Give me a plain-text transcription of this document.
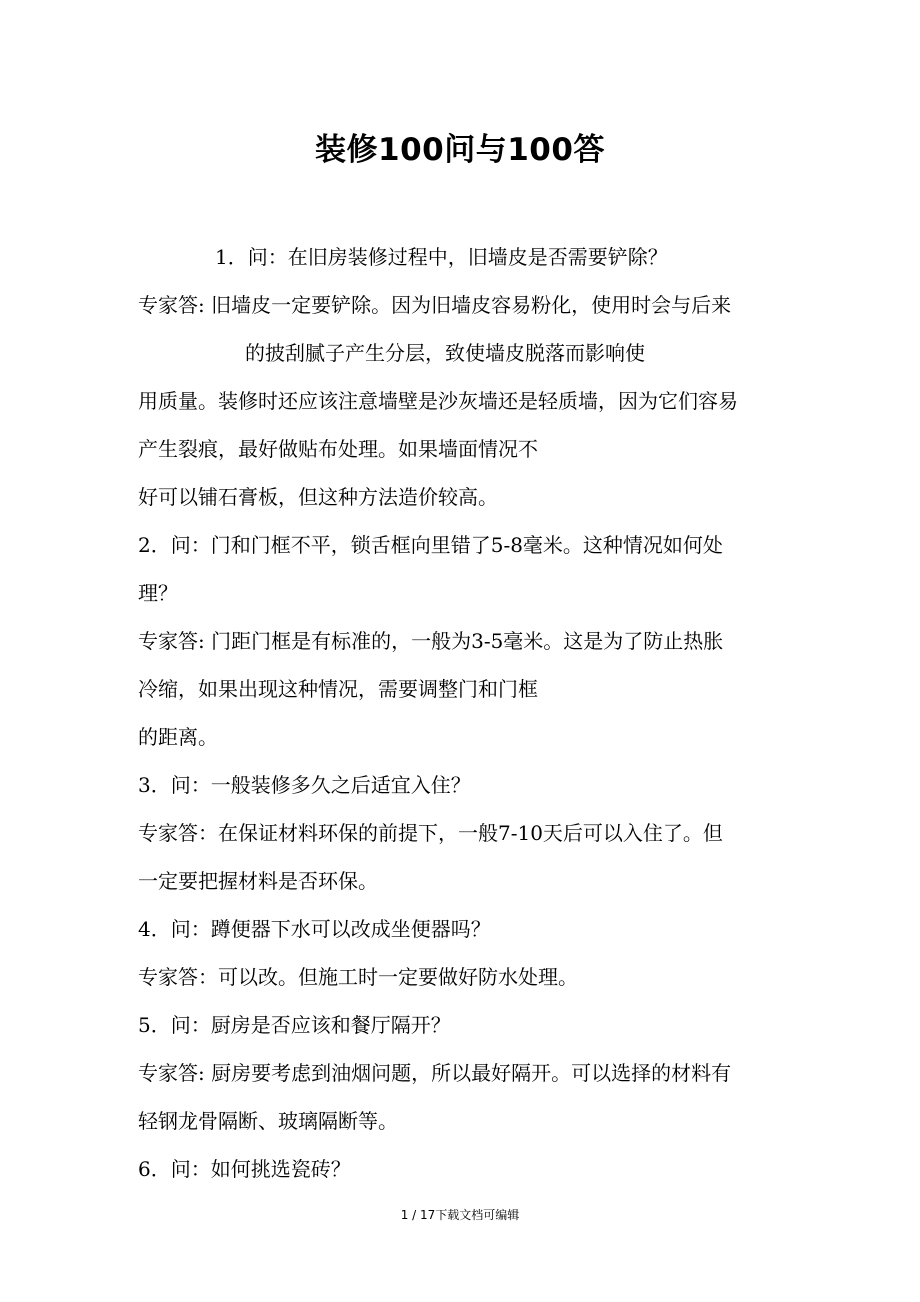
装修100问与100答
1．问：在旧房装修过程中，旧墙皮是否需要铲除？
专家答: 旧墙皮一定要铲除。因为旧墙皮容易粉化，使用时会与后来
的披刮腻子产生分层，致使墙皮脱落而影响使
用质量。装修时还应该注意墙壁是沙灰墙还是轻质墙，因为它们容易
产生裂痕，最好做贴布处理。如果墙面情况不
好可以铺石膏板，但这种方法造价较高。
2．问：门和门框不平，锁舌框向里错了5-8毫米。这种情况如何处
理？
专家答: 门距门框是有标准的，一般为3-5毫米。这是为了防止热胀
冷缩，如果出现这种情况，需要调整门和门框
的距离。
3．问：一般装修多久之后适宜入住？
专家答：在保证材料环保的前提下，一般7-10天后可以入住了。但
一定要把握材料是否环保。
4．问：蹲便器下水可以改成坐便器吗？
专家答：可以改。但施工时一定要做好防水处理。
5．问：厨房是否应该和餐厅隔开？
专家答: 厨房要考虑到油烟问题，所以最好隔开。可以选择的材料有
轻钢龙骨隔断、玻璃隔断等。
6．问：如何挑选瓷砖？
1 / 17下载文档可编辑
